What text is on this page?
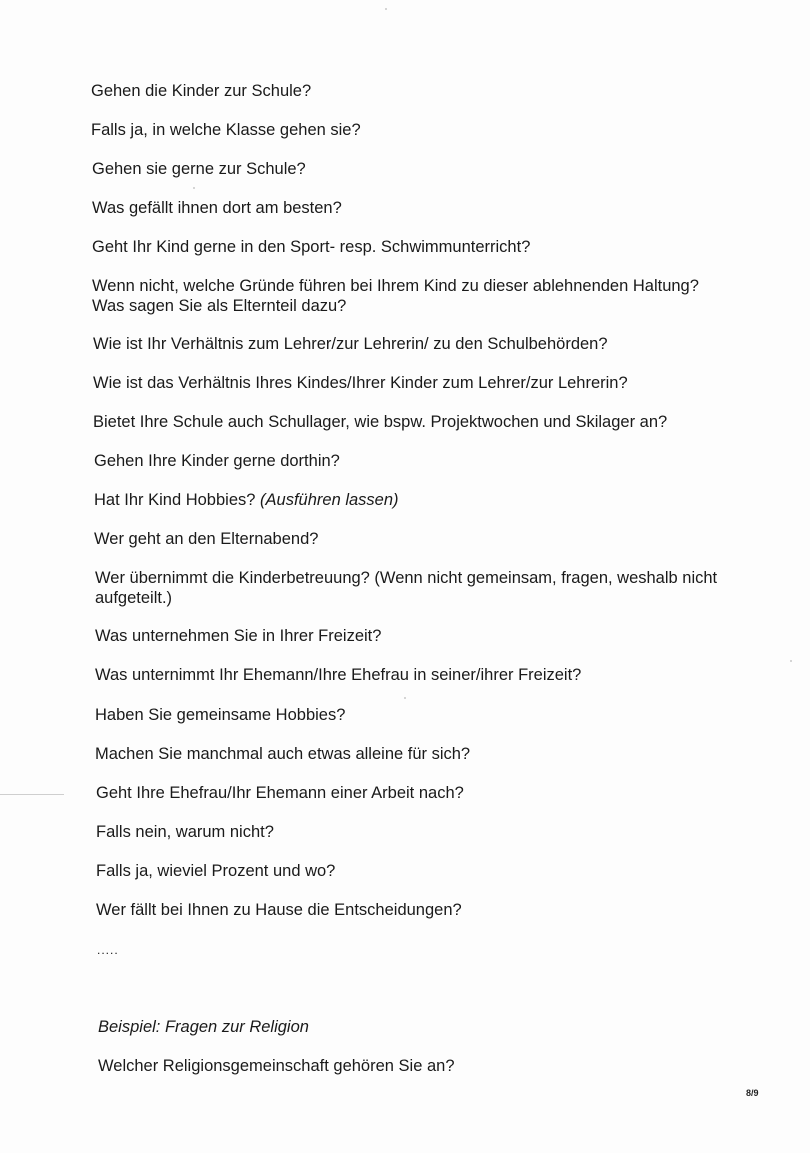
Gehen die Kinder zur Schule?
Falls ja, in welche Klasse gehen sie?
Gehen sie gerne zur Schule?
Was gefällt ihnen dort am besten?
Geht Ihr Kind gerne in den Sport- resp. Schwimmunterricht?
Wenn nicht, welche Gründe führen bei Ihrem Kind zu dieser ablehnenden Haltung?
Was sagen Sie als Elternteil dazu?
Wie ist Ihr Verhältnis zum Lehrer/zur Lehrerin/ zu den Schulbehörden?
Wie ist das Verhältnis Ihres Kindes/Ihrer Kinder zum Lehrer/zur Lehrerin?
Bietet Ihre Schule auch Schullager, wie bspw. Projektwochen und Skilager an?
Gehen Ihre Kinder gerne dorthin?
Hat Ihr Kind Hobbies? (Ausführen lassen)
Wer geht an den Elternabend?
Wer übernimmt die Kinderbetreuung? (Wenn nicht gemeinsam, fragen, weshalb nicht
aufgeteilt.)
Was unternehmen Sie in Ihrer Freizeit?
Was unternimmt Ihr Ehemann/Ihre Ehefrau in seiner/ihrer Freizeit?
Haben Sie gemeinsame Hobbies?
Machen Sie manchmal auch etwas alleine für sich?
Geht Ihre Ehefrau/Ihr Ehemann einer Arbeit nach?
Falls nein, warum nicht?
Falls ja, wieviel Prozent und wo?
Wer fällt bei Ihnen zu Hause die Entscheidungen?
.....
Beispiel: Fragen zur Religion
Welcher Religionsgemeinschaft gehören Sie an?
8/9
